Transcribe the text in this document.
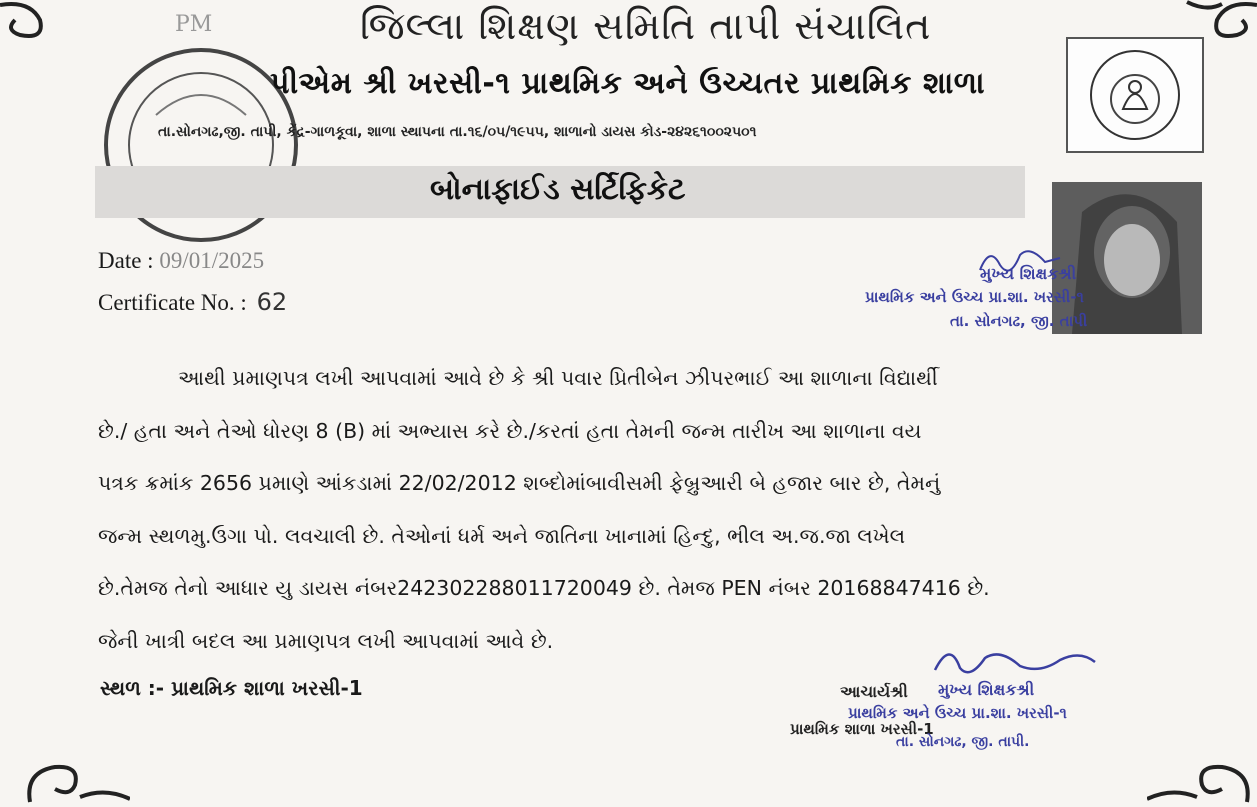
PM	જિલ્લા શિક્ષણ સમિતિ તાપી સંચાલિત
પીએમ શ્રી ખરસી-૧ પ્રાથમિક અને ઉચ્ચતર પ્રાથમિક શાળા
તા.સોનગઢ,જી. તાપી, કેંદ્ર-ગાળકૂવા, શાળા સ્થાપના તા.૧૬/૦૫/૧૯૫૫, શાળાનો ડાયસ કોડ-૨૪૨૬૧૦૦૨૫૦૧
બોનાફાઈડ સર્ટિફિકેટ
Date : 09/01/2025
Certificate No. : 62
મુખ્ય શિક્ષકશ્રી
પ્રાથમિક અને ઉચ્ચ પ્રા.શા. ખરસી-૧
તા. સોનગઢ, જી. તાપી

આથી પ્રમાણપત્ર લખી આપવામાં આવે છે કે શ્રી પવાર પ્રિતીબેન ઝીપરભાઈ આ શાળાના વિદ્યાર્થી

છે./ હતા અને તેઓ ધોરણ 8 (B) માં અભ્યાસ કરે છે./કરતાં હતા તેમની જન્મ તારીખ આ શાળાના વય

પત્રક ક્રમાંક 2656 પ્રમાણે આંકડામાં 22/02/2012 શબ્દોમાંબાવીસમી ફેબ્રુઆરી બે હજાર બાર છે, તેમનું

જન્મ સ્થળમુ.ઉગા પો. લવચાલી છે. તેઓનાં ધર્મ અને જાતિના ખાનામાં હિન્દુ, ભીલ અ.જ.જા લખેલ

છે.તેમજ તેનો આધાર યુ ડાયસ નંબર242302288011720049 છે. તેમજ PEN નંબર 20168847416 છે.

જેની ખાત્રી બદલ આ પ્રમાણપત્ર લખી આપવામાં આવે છે.

સ્થળ :- પ્રાથમિક શાળા ખરસી-1	મુખ્ય શિક્ષકશ્રી
આચાર્યશ્રી
પ્રાથમિક અને ઉચ્ચ પ્રા.શા. ખરસી-૧
પ્રાથમિક શાળા ખરસી-1
તા. સોનગઢ, જી. તાપી.
